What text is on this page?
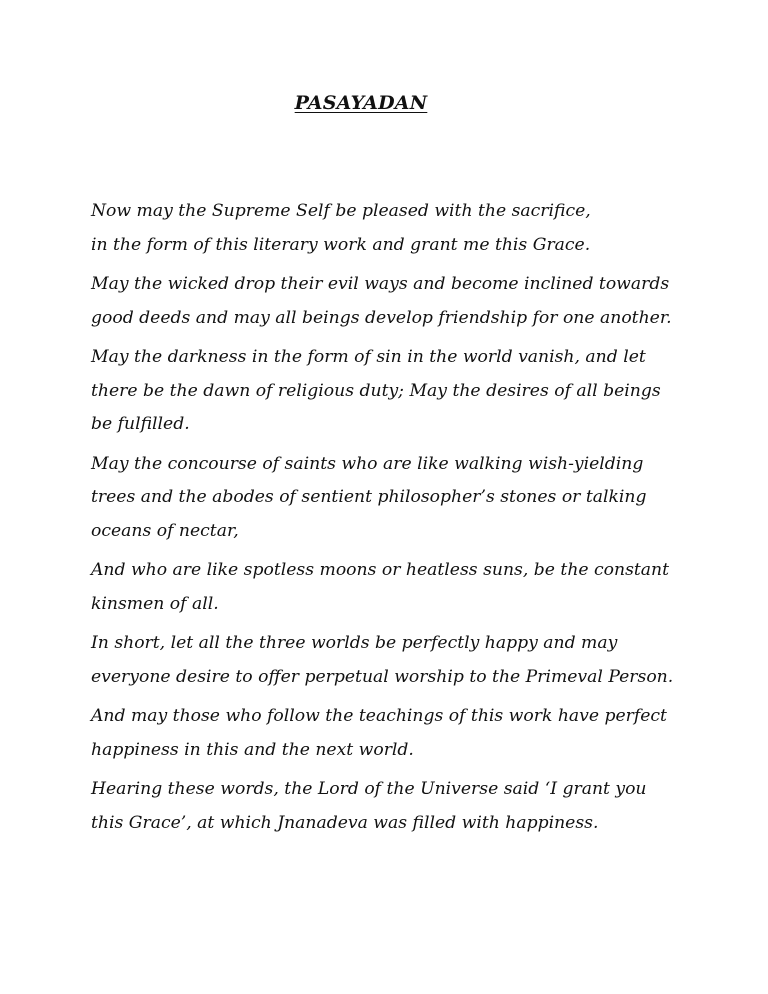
PASAYADAN

Now may the Supreme Self be pleased with the sacrifice,
in the form of this literary work and grant me this Grace.

May the wicked drop their evil ways and become inclined towards
good deeds and may all beings develop friendship for one another.

May the darkness in the form of sin in the world vanish, and let
there be the dawn of religious duty; May the desires of all beings
be fulfilled.

May the concourse of saints who are like walking wish-yielding
trees and the abodes of sentient philosopher’s stones or talking
oceans of nectar,

And who are like spotless moons or heatless suns, be the constant
kinsmen of all.

In short, let all the three worlds be perfectly happy and may
everyone desire to offer perpetual worship to the Primeval Person.

And may those who follow the teachings of this work have perfect
happiness in this and the next world.

Hearing these words, the Lord of the Universe said ‘I grant you
this Grace’, at which Jnanadeva was filled with happiness.
